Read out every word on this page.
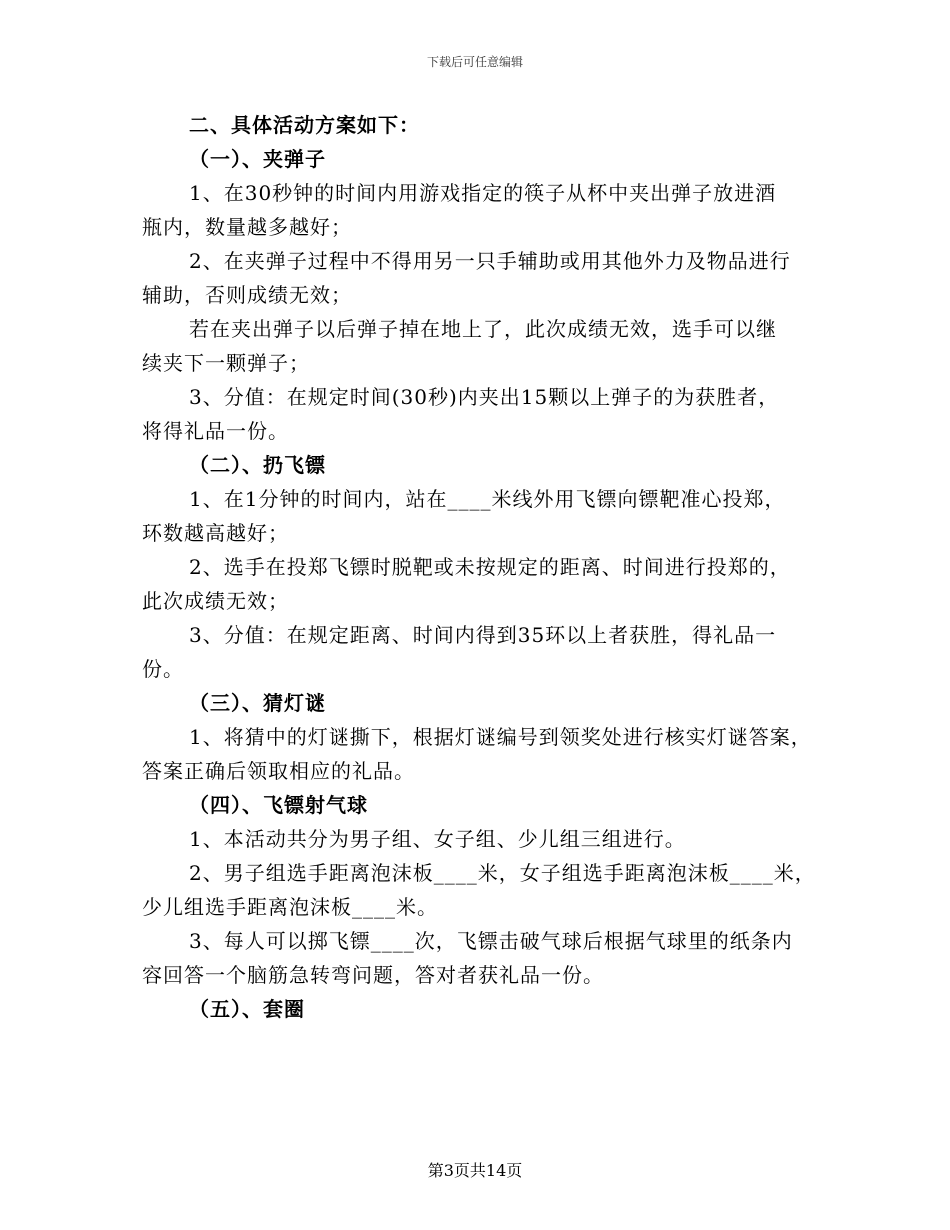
下载后可任意编辑
二、具体活动方案如下：
（一）、夹弹子
1、在30秒钟的时间内用游戏指定的筷子从杯中夹出弹子放进酒
瓶内，数量越多越好；
2、在夹弹子过程中不得用另一只手辅助或用其他外力及物品进行
辅助，否则成绩无效；
若在夹出弹子以后弹子掉在地上了，此次成绩无效，选手可以继
续夹下一颗弹子；
3、分值：在规定时间(30秒)内夹出15颗以上弹子的为获胜者，
将得礼品一份。
（二）、扔飞镖
1、在1分钟的时间内，站在____米线外用飞镖向镖靶准心投郑，
环数越高越好；
2、选手在投郑飞镖时脱靶或未按规定的距离、时间进行投郑的，
此次成绩无效；
3、分值：在规定距离、时间内得到35环以上者获胜，得礼品一
份。
（三）、猜灯谜
1、将猜中的灯谜撕下，根据灯谜编号到领奖处进行核实灯谜答案，
答案正确后领取相应的礼品。
（四）、飞镖射气球
1、本活动共分为男子组、女子组、少儿组三组进行。
2、男子组选手距离泡沫板____米，女子组选手距离泡沫板____米，
少儿组选手距离泡沫板____米。
3、每人可以掷飞镖____次，飞镖击破气球后根据气球里的纸条内
容回答一个脑筋急转弯问题，答对者获礼品一份。
（五）、套圈
第3页共14页
